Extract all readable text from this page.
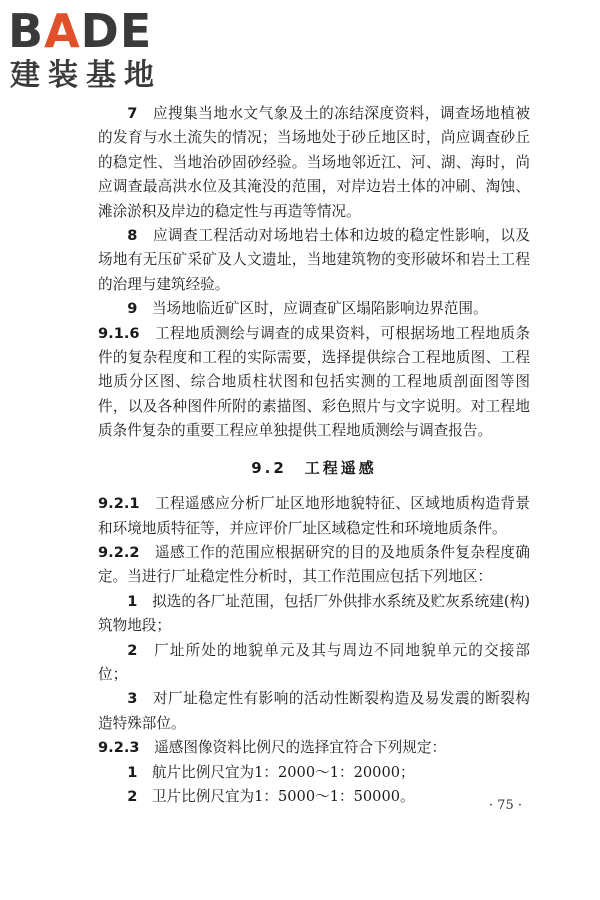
BADE
建装基地

7　 应搜集当地水文气象及土的冻结深度资料，调查场地植被的发育与水土流失的情况；当场地处于砂丘地区时，尚应调查砂丘的稳定性、当地治砂固砂经验。当场地邻近江、河、湖、海时，尚应调查最高洪水位及其淹没的范围，对岸边岩土体的冲刷、淘蚀、滩涂淤积及岸边的稳定性与再造等情况。

8　 应调查工程活动对场地岩土体和边坡的稳定性影响，以及场地有无压矿采矿及人文遗址，当地建筑物的变形破坏和岩土工程的治理与建筑经验。

9　 当场地临近矿区时，应调查矿区塌陷影响边界范围。

9.1.6　 工程地质测绘与调查的成果资料，可根据场地工程地质条件的复杂程度和工程的实际需要，选择提供综合工程地质图、工程地质分区图、综合地质柱状图和包括实测的工程地质剖面图等图件，以及各种图件所附的素描图、彩色照片与文字说明。对工程地质条件复杂的重要工程应单独提供工程地质测绘与调查报告。

9.2　 工程遥感

9.2.1　 工程遥感应分析厂址区地形地貌特征、区域地质构造背景和环境地质特征等，并应评价厂址区域稳定性和环境地质条件。

9.2.2　 遥感工作的范围应根据研究的目的及地质条件复杂程度确定。当进行厂址稳定性分析时，其工作范围应包括下列地区：

1　 拟选的各厂址范围，包括厂外供排水系统及贮灰系统建(构)筑物地段；

2　 厂址所处的地貌单元及其与周边不同地貌单元的交接部位；

3　 对厂址稳定性有影响的活动性断裂构造及易发震的断裂构造特殊部位。

9.2.3　 遥感图像资料比例尺的选择宜符合下列规定：

1　 航片比例尺宜为1：2000～1：20000；

2　 卫片比例尺宜为1：5000～1：50000。

· 75 ·
